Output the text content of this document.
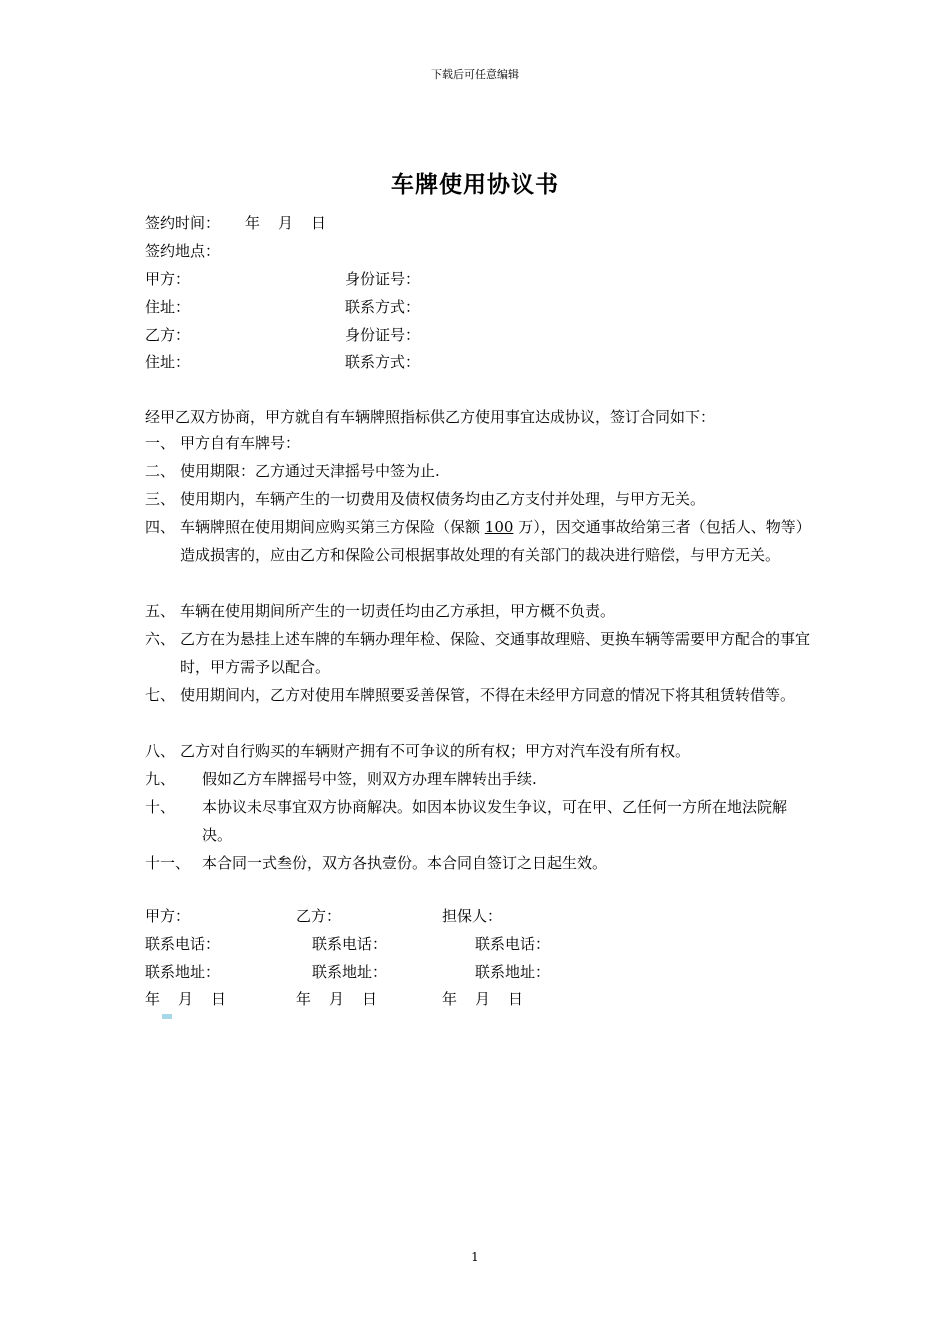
下载后可任意编辑
车牌使用协议书
签约时间： 年 月 日
签约地点：
甲方：	身份证号：
住址：	联系方式：
乙方：	身份证号：
住址：	联系方式：
经甲乙双方协商，甲方就自有车辆牌照指标供乙方使用事宜达成协议，签订合同如下：
一、 甲方自有车牌号：
二、 使用期限：乙方通过天津摇号中签为止.
三、 使用期内，车辆产生的一切费用及债权债务均由乙方支付并处理，与甲方无关。
四、 车辆牌照在使用期间应购买第三方保险（保额 100 万），因交通事故给第三者（包括人、物等）造成损害的，应由乙方和保险公司根据事故处理的有关部门的裁决进行赔偿，与甲方无关。
五、 车辆在使用期间所产生的一切责任均由乙方承担，甲方概不负责。
六、 乙方在为悬挂上述车牌的车辆办理年检、保险、交通事故理赔、更换车辆等需要甲方配合的事宜时，甲方需予以配合。
七、 使用期间内，乙方对使用车牌照要妥善保管，不得在未经甲方同意的情况下将其租赁转借等。
八、 乙方对自行购买的车辆财产拥有不可争议的所有权；甲方对汽车没有所有权。
九、	假如乙方车牌摇号中签，则双方办理车牌转出手续.
十、	本协议未尽事宜双方协商解决。如因本协议发生争议，可在甲、乙任何一方所在地法院解决。
十一、 本合同一式叁份，双方各执壹份。本合同自签订之日起生效。
甲方：	乙方：	担保人：
联系电话：	联系电话：	联系电话：
联系地址：	联系地址：	联系地址：
年 月 日	年 月 日	年 月 日
1
